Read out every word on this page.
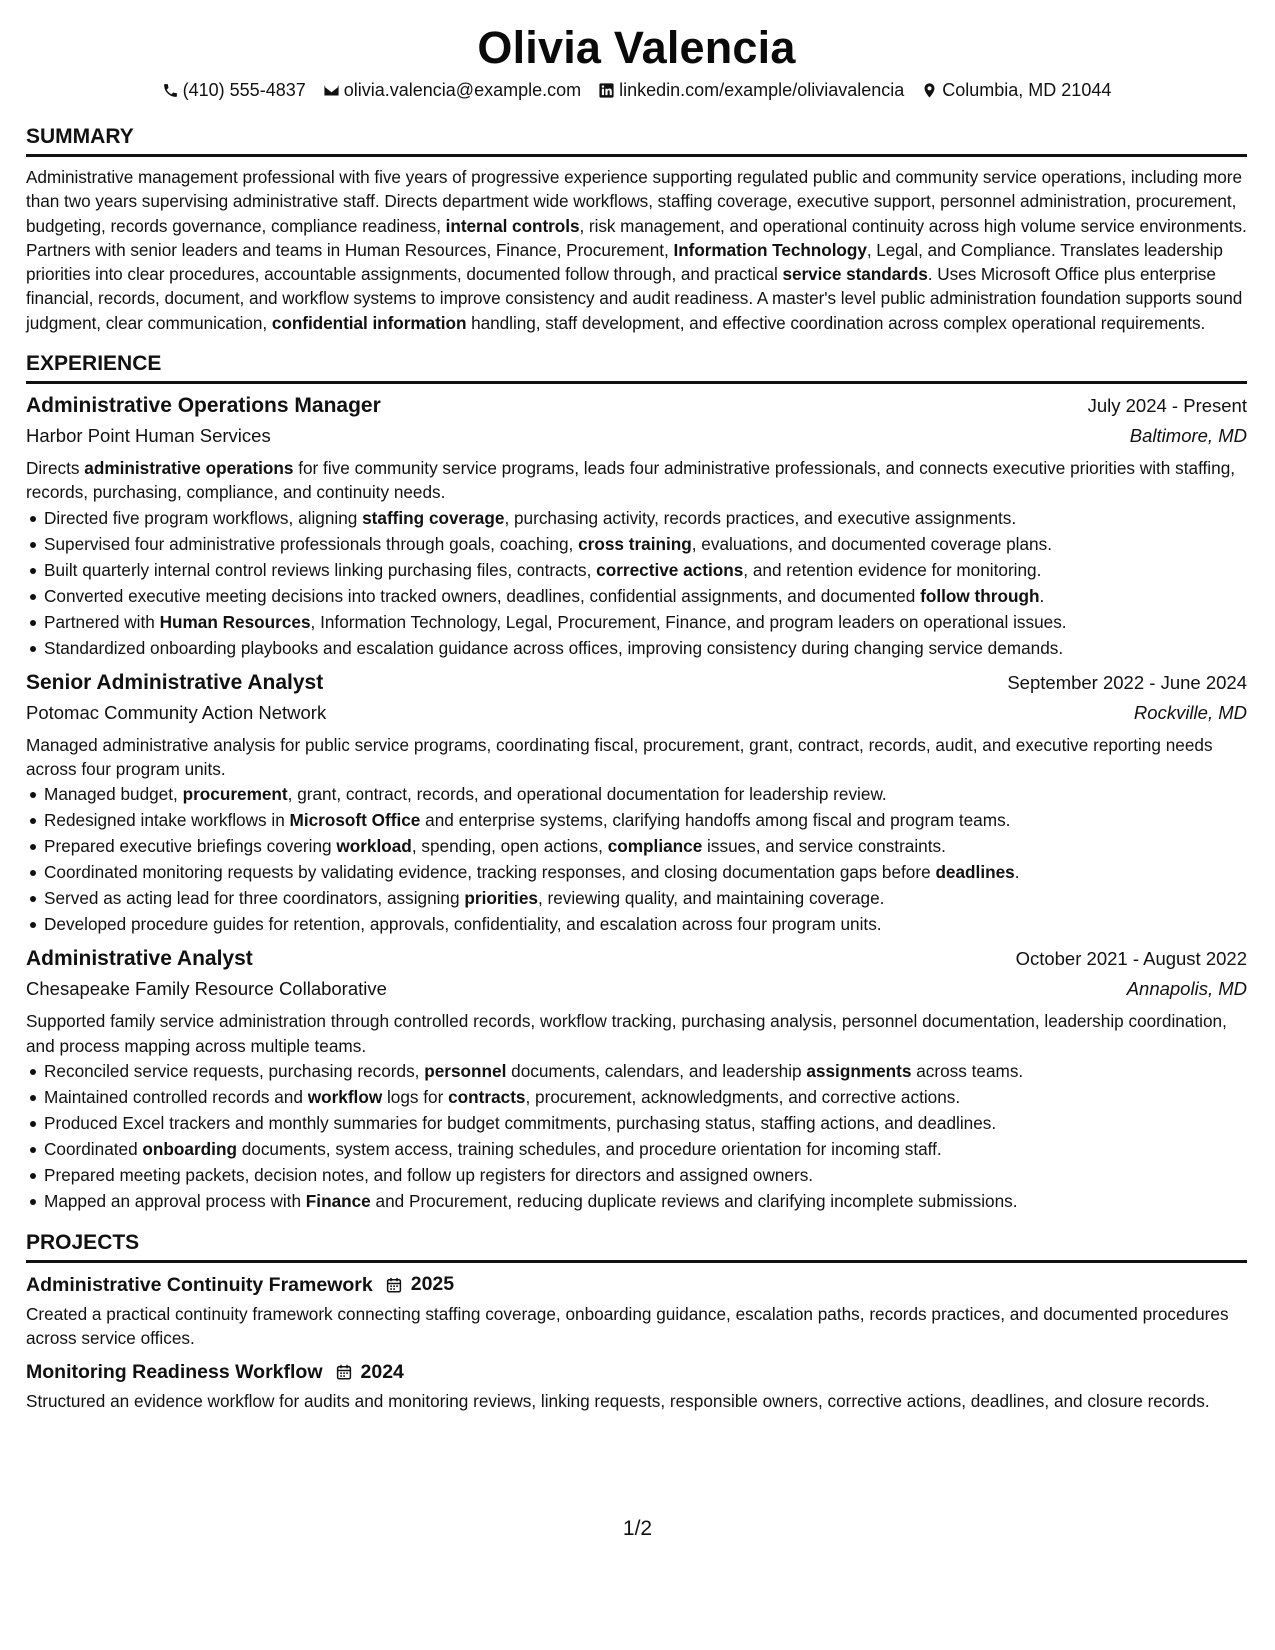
Olivia Valencia
(410) 555-4837 olivia.valencia@example.com linkedin.com/example/oliviavalencia Columbia, MD 21044
SUMMARY

Administrative management professional with five years of progressive experience supporting regulated public and community service operations, including more than two years supervising administrative staff. Directs department wide workflows, staffing coverage, executive support, personnel administration, procurement, budgeting, records governance, compliance readiness, internal controls, risk management, and operational continuity across high volume service environments. Partners with senior leaders and teams in Human Resources, Finance, Procurement, Information Technology, Legal, and Compliance. Translates leadership priorities into clear procedures, accountable assignments, documented follow through, and practical service standards. Uses Microsoft Office plus enterprise financial, records, document, and workflow systems to improve consistency and audit readiness. A master's level public administration foundation supports sound judgment, clear communication, confidential information handling, staff development, and effective coordination across complex operational requirements.

EXPERIENCE
Administrative Operations Manager	July 2024 - Present
Harbor Point Human Services	Baltimore, MD

Directs administrative operations for five community service programs, leads four administrative professionals, and connects executive priorities with staffing, records, purchasing, compliance, and continuity needs.

Directed five program workflows, aligning staffing coverage, purchasing activity, records practices, and executive assignments.
Supervised four administrative professionals through goals, coaching, cross training, evaluations, and documented coverage plans.
Built quarterly internal control reviews linking purchasing files, contracts, corrective actions, and retention evidence for monitoring.
Converted executive meeting decisions into tracked owners, deadlines, confidential assignments, and documented follow through.
Partnered with Human Resources, Information Technology, Legal, Procurement, Finance, and program leaders on operational issues.
Standardized onboarding playbooks and escalation guidance across offices, improving consistency during changing service demands.
Senior Administrative Analyst	September 2022 - June 2024
Potomac Community Action Network	Rockville, MD

Managed administrative analysis for public service programs, coordinating fiscal, procurement, grant, contract, records, audit, and executive reporting needs across four program units.

Managed budget, procurement, grant, contract, records, and operational documentation for leadership review.
Redesigned intake workflows in Microsoft Office and enterprise systems, clarifying handoffs among fiscal and program teams.
Prepared executive briefings covering workload, spending, open actions, compliance issues, and service constraints.
Coordinated monitoring requests by validating evidence, tracking responses, and closing documentation gaps before deadlines.
Served as acting lead for three coordinators, assigning priorities, reviewing quality, and maintaining coverage.
Developed procedure guides for retention, approvals, confidentiality, and escalation across four program units.
Administrative Analyst	October 2021 - August 2022
Chesapeake Family Resource Collaborative	Annapolis, MD

Supported family service administration through controlled records, workflow tracking, purchasing analysis, personnel documentation, leadership coordination, and process mapping across multiple teams.

Reconciled service requests, purchasing records, personnel documents, calendars, and leadership assignments across teams.
Maintained controlled records and workflow logs for contracts, procurement, acknowledgments, and corrective actions.
Produced Excel trackers and monthly summaries for budget commitments, purchasing status, staffing actions, and deadlines.
Coordinated onboarding documents, system access, training schedules, and procedure orientation for incoming staff.
Prepared meeting packets, decision notes, and follow up registers for directors and assigned owners.
Mapped an approval process with Finance and Procurement, reducing duplicate reviews and clarifying incomplete submissions.
PROJECTS
Administrative Continuity Framework 2025

Created a practical continuity framework connecting staffing coverage, onboarding guidance, escalation paths, records practices, and documented procedures across service offices.

Monitoring Readiness Workflow 2024

Structured an evidence workflow for audits and monitoring reviews, linking requests, responsible owners, corrective actions, deadlines, and closure records.

1/2
